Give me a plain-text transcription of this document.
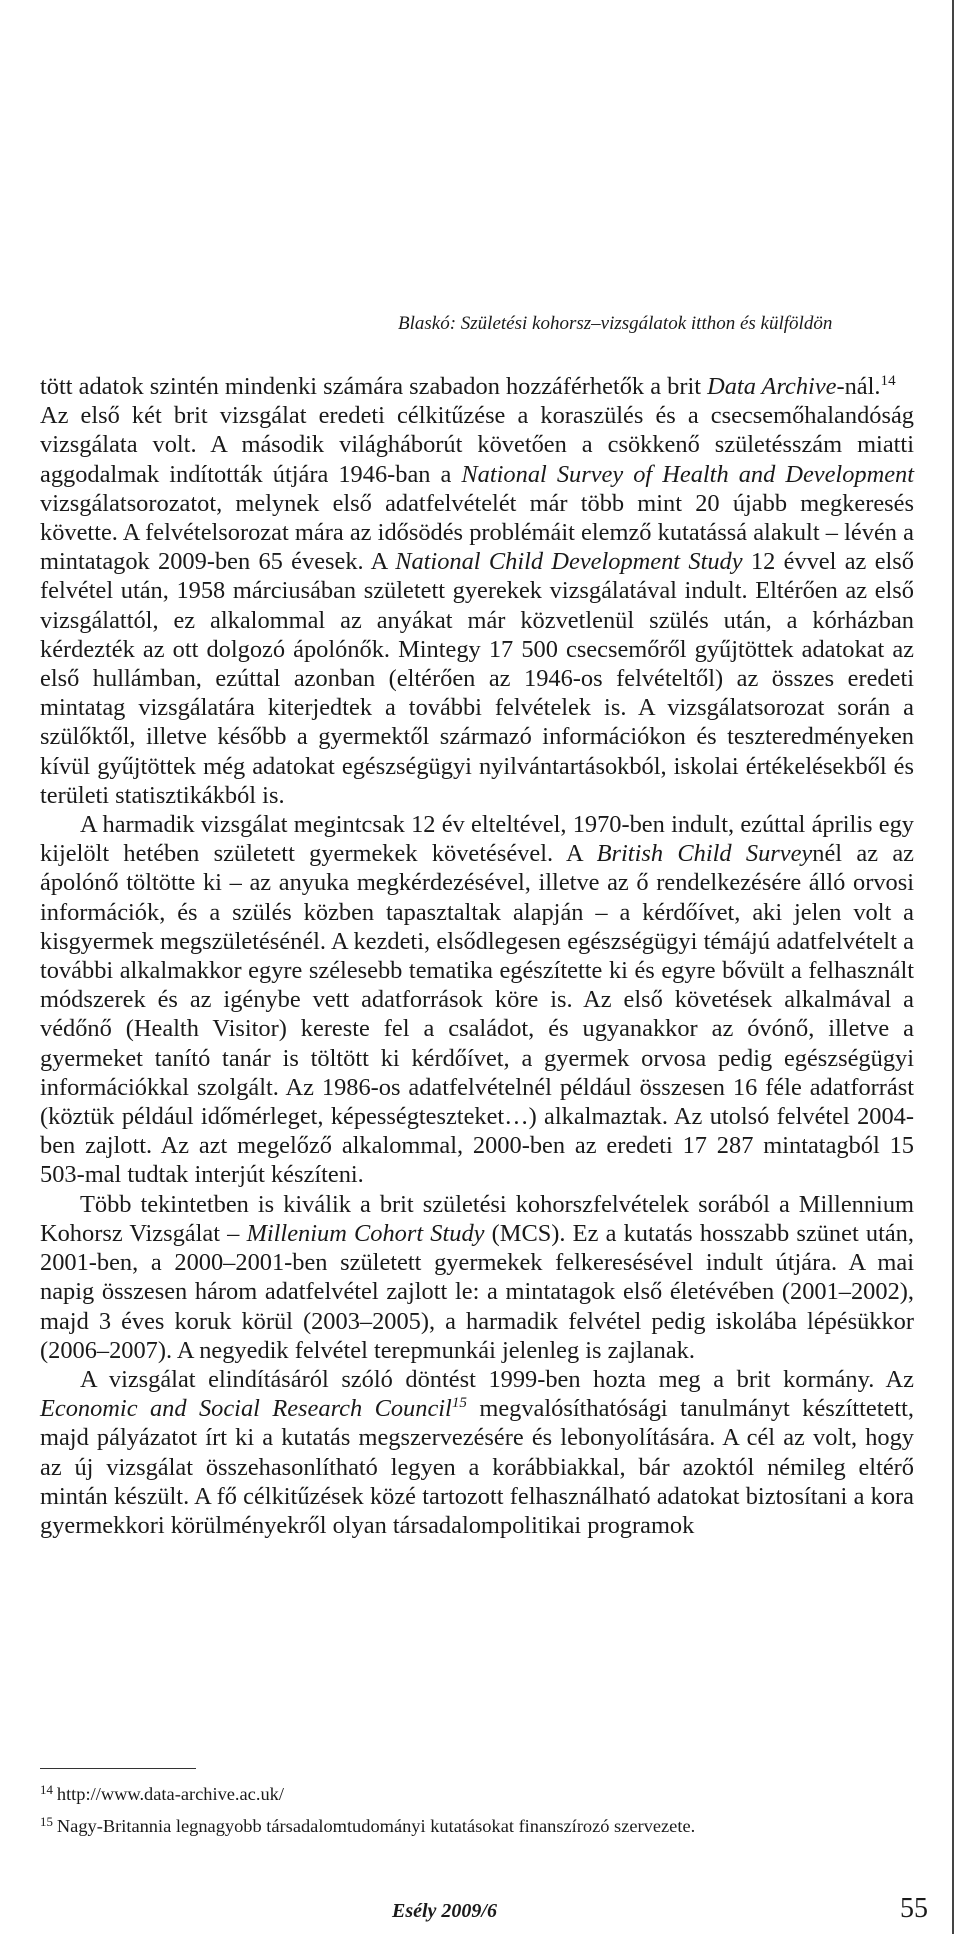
Blaskó: Születési kohorsz–vizsgálatok itthon és külföldön

tött adatok szintén mindenki számára szabadon hozzáférhetők a brit Data Archive-nál.$^{14}$
Az első két brit vizsgálat eredeti célkitűzése a koraszülés és a csecsemőhalandóság vizsgálata volt. A második világháborút követően a csökkenő születésszám miatti aggodalmak indították útjára 1946-ban a National Survey of Health and Development vizsgálatsorozatot, melynek első adatfelvételét már több mint 20 újabb megkeresés követte. A felvételsorozat mára az idősödés problémáit elemző kutatássá alakult – lévén a mintatagok 2009-ben 65 évesek. A National Child Development Study 12 évvel az első felvétel után, 1958 márciusában született gyerekek vizsgálatával indult. Eltérően az első vizsgálattól, ez alkalommal az anyákat már közvetlenül szülés után, a kórházban kérdezték az ott dolgozó ápolónők. Mintegy 17 500 csecsemőről gyűjtöttek adatokat az első hullámban, ezúttal azonban (eltérően az 1946-os felvételtől) az összes eredeti mintatag vizsgálatára kiterjedtek a további felvételek is. A vizsgálatsorozat során a szülőktől, illetve később a gyermektől származó információkon és teszteredményeken kívül gyűjtöttek még adatokat egészségügyi nyilvántartásokból, iskolai értékelésekből és területi statisztikákból is.

A harmadik vizsgálat megintcsak 12 év elteltével, 1970-ben indult, ezúttal április egy kijelölt hetében született gyermekek követésével. A British Child Surveynél az az ápolónő töltötte ki – az anyuka megkérdezésével, illetve az ő rendelkezésére álló orvosi információk, és a szülés közben tapasztaltak alapján – a kérdőívet, aki jelen volt a kisgyermek megszületésénél. A kezdeti, elsődlegesen egészségügyi témájú adatfelvételt a további alkalmakkor egyre szélesebb tematika egészítette ki és egyre bővült a felhasznált módszerek és az igénybe vett adatforrások köre is. Az első követések alkalmával a védőnő (Health Visitor) kereste fel a családot, és ugyanakkor az óvónő, illetve a gyermeket tanító tanár is töltött ki kérdőívet, a gyermek orvosa pedig egészségügyi információkkal szolgált. Az 1986-os adatfelvételnél például összesen 16 féle adatforrást (köztük például időmérleget, képességteszteket…) alkalmaztak. Az utolsó felvétel 2004-ben zajlott. Az azt megelőző alkalommal, 2000-ben az eredeti 17 287 mintatagból 15 503-mal tudtak interjút készíteni.

Több tekintetben is kiválik a brit születési kohorszfelvételek sorából a Millennium Kohorsz Vizsgálat – Millenium Cohort Study (MCS). Ez a kutatás hosszabb szünet után, 2001-ben, a 2000–2001-ben született gyermekek felkeresésével indult útjára. A mai napig összesen három adatfelvétel zajlott le: a mintatagok első életévében (2001–2002), majd 3 éves koruk körül (2003–2005), a harmadik felvétel pedig iskolába lépésükkor (2006–2007). A negyedik felvétel terepmunkái jelenleg is zajlanak.

A vizsgálat elindításáról szóló döntést 1999-ben hozta meg a brit kormány. Az Economic and Social Research Council$^{15}$ megvalósíthatósági tanulmányt készíttetett, majd pályázatot írt ki a kutatás megszervezésére és lebonyolítására. A cél az volt, hogy az új vizsgálat összehasonlítható legyen a korábbiakkal, bár azoktól némileg eltérő mintán készült. A fő célkitűzések közé tartozott felhasználható adatokat biztosítani a kora gyermekkori körülményekről olyan társadalompolitikai programok

$^{14}$ http://www.data-archive.ac.uk/
$^{15}$ Nagy-Britannia legnagyobb társadalomtudományi kutatásokat finanszírozó szervezete.
Esély 2009/6	55
